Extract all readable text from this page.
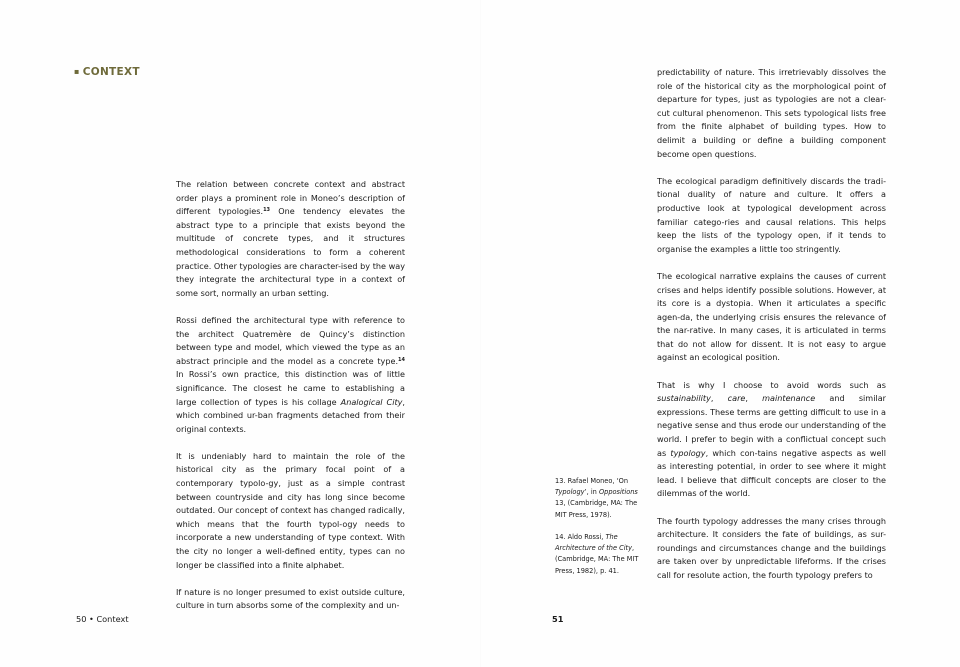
▪ CONTEXT

The relation between concrete context and abstract order plays a prominent role in Moneo’s description of different typologies.$^{13}$ One tendency elevates the abstract type to a principle that exists beyond the multitude of concrete types, and it structures methodological considerations to form a coherent practice. Other typologies are character-ised by the way they integrate the architectural type in a context of some sort, normally an urban setting.

Rossi defined the architectural type with reference to the architect Quatremère de Quincy’s distinction between type and model, which viewed the type as an abstract principle and the model as a concrete type.$^{14}$ In Rossi’s own practice, this distinction was of little significance. The closest he came to establishing a large collection of types is his collage Analogical City, which combined ur-ban fragments detached from their original contexts.

It is undeniably hard to maintain the role of the historical city as the primary focal point of a contemporary typolo-gy, just as a simple contrast between countryside and city has long since become outdated. Our concept of context has changed radically, which means that the fourth typol-ogy needs to incorporate a new understanding of type context. With the city no longer a well-defined entity, types can no longer be classified into a finite alphabet.

If nature is no longer presumed to exist outside culture, culture in turn absorbs some of the complexity and un-

50 • Context

13. Rafael Moneo, ‘On Typology’, in Oppositions 13, (Cambridge, MA: The MIT Press, 1978).

14. Aldo Rossi, The Architecture of the City, (Cambridge, MA: The MIT Press, 1982), p. 41.

predictability of nature. This irretrievably dissolves the role of the historical city as the morphological point of departure for types, just as typologies are not a clear-cut cultural phenomenon. This sets typological lists free from the finite alphabet of building types. How to delimit a building or define a building component become open questions.

The ecological paradigm definitively discards the tradi-tional duality of nature and culture. It offers a productive look at typological development across familiar catego-ries and causal relations. This helps keep the lists of the typology open, if it tends to organise the examples a little too stringently.

The ecological narrative explains the causes of current crises and helps identify possible solutions. However, at its core is a dystopia. When it articulates a specific agen-da, the underlying crisis ensures the relevance of the nar-rative. In many cases, it is articulated in terms that do not allow for dissent. It is not easy to argue against an ecological position.

That is why I choose to avoid words such as sustainability, care, maintenance and similar expressions. These terms are getting difficult to use in a negative sense and thus erode our understanding of the world. I prefer to begin with a conflictual concept such as typology, which con-tains negative aspects as well as interesting potential, in order to see where it might lead. I believe that difficult concepts are closer to the dilemmas of the world.

The fourth typology addresses the many crises through architecture. It considers the fate of buildings, as sur-roundings and circumstances change and the buildings are taken over by unpredictable lifeforms. If the crises call for resolute action, the fourth typology prefers to

51
